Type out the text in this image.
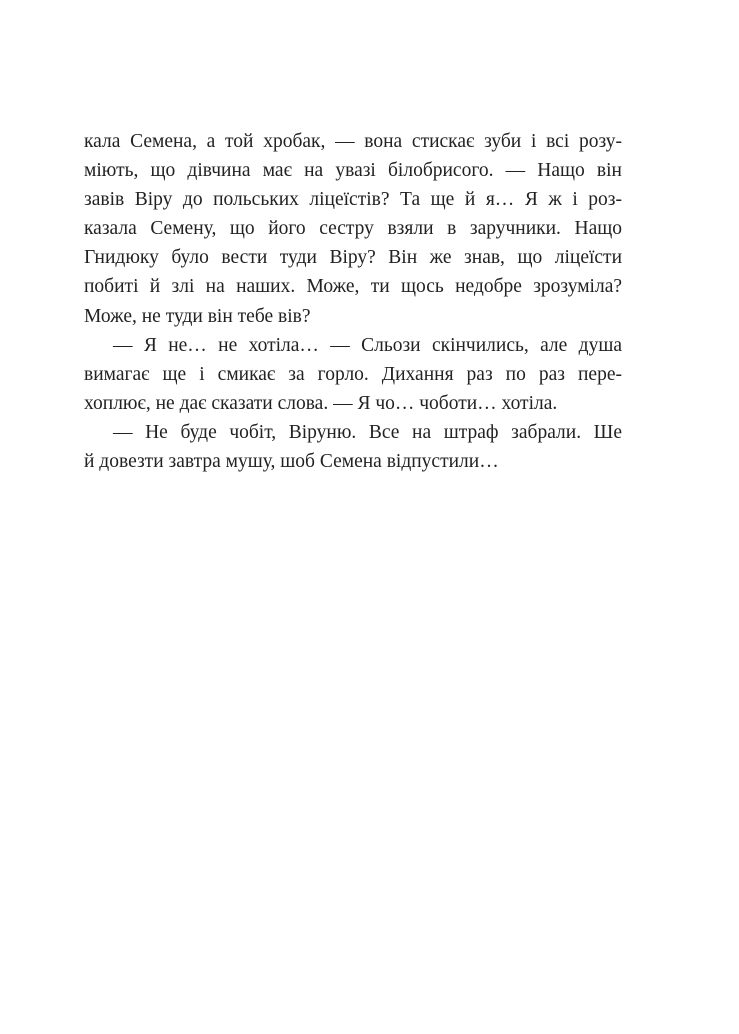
кала Семена, а той хробак, — вона стискає зуби і всі розу-
міють, що дівчина має на увазі білобрисого. — Нащо він
завів Віру до польських ліцеїстів? Та ще й я… Я ж і роз-
казала Семену, що його сестру взяли в заручники. Нащо
Гнидюку було вести туди Віру? Він же знав, що ліцеїсти
побиті й злі на наших. Може, ти щось недобре зрозуміла?
Може, не туди він тебе вів?
— Я не… не хотіла… — Сльози скінчились, але душа
вимагає ще і смикає за горло. Дихання раз по раз пере-
хоплює, не дає сказати слова. — Я чо… чоботи… хотіла.
— Не буде чобіт, Віруню. Все на штраф забрали. Ше
й довезти завтра мушу, шоб Семена відпустили…
